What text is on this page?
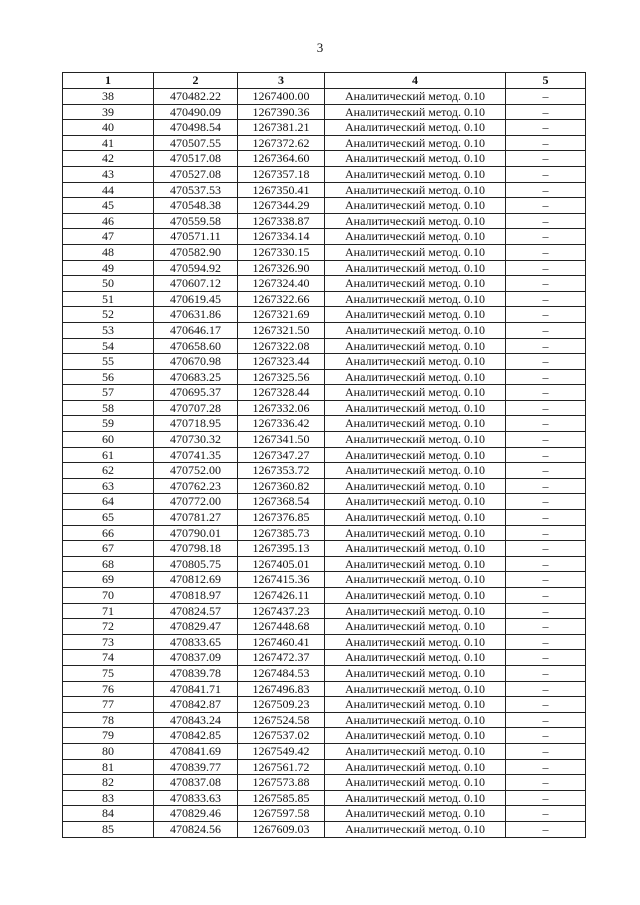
3
1	2	3	4	5
38	470482.22	1267400.00	Аналитический метод. 0.10	–
39	470490.09	1267390.36	Аналитический метод. 0.10	–
40	470498.54	1267381.21	Аналитический метод. 0.10	–
41	470507.55	1267372.62	Аналитический метод. 0.10	–
42	470517.08	1267364.60	Аналитический метод. 0.10	–
43	470527.08	1267357.18	Аналитический метод. 0.10	–
44	470537.53	1267350.41	Аналитический метод. 0.10	–
45	470548.38	1267344.29	Аналитический метод. 0.10	–
46	470559.58	1267338.87	Аналитический метод. 0.10	–
47	470571.11	1267334.14	Аналитический метод. 0.10	–
48	470582.90	1267330.15	Аналитический метод. 0.10	–
49	470594.92	1267326.90	Аналитический метод. 0.10	–
50	470607.12	1267324.40	Аналитический метод. 0.10	–
51	470619.45	1267322.66	Аналитический метод. 0.10	–
52	470631.86	1267321.69	Аналитический метод. 0.10	–
53	470646.17	1267321.50	Аналитический метод. 0.10	–
54	470658.60	1267322.08	Аналитический метод. 0.10	–
55	470670.98	1267323.44	Аналитический метод. 0.10	–
56	470683.25	1267325.56	Аналитический метод. 0.10	–
57	470695.37	1267328.44	Аналитический метод. 0.10	–
58	470707.28	1267332.06	Аналитический метод. 0.10	–
59	470718.95	1267336.42	Аналитический метод. 0.10	–
60	470730.32	1267341.50	Аналитический метод. 0.10	–
61	470741.35	1267347.27	Аналитический метод. 0.10	–
62	470752.00	1267353.72	Аналитический метод. 0.10	–
63	470762.23	1267360.82	Аналитический метод. 0.10	–
64	470772.00	1267368.54	Аналитический метод. 0.10	–
65	470781.27	1267376.85	Аналитический метод. 0.10	–
66	470790.01	1267385.73	Аналитический метод. 0.10	–
67	470798.18	1267395.13	Аналитический метод. 0.10	–
68	470805.75	1267405.01	Аналитический метод. 0.10	–
69	470812.69	1267415.36	Аналитический метод. 0.10	–
70	470818.97	1267426.11	Аналитический метод. 0.10	–
71	470824.57	1267437.23	Аналитический метод. 0.10	–
72	470829.47	1267448.68	Аналитический метод. 0.10	–
73	470833.65	1267460.41	Аналитический метод. 0.10	–
74	470837.09	1267472.37	Аналитический метод. 0.10	–
75	470839.78	1267484.53	Аналитический метод. 0.10	–
76	470841.71	1267496.83	Аналитический метод. 0.10	–
77	470842.87	1267509.23	Аналитический метод. 0.10	–
78	470843.24	1267524.58	Аналитический метод. 0.10	–
79	470842.85	1267537.02	Аналитический метод. 0.10	–
80	470841.69	1267549.42	Аналитический метод. 0.10	–
81	470839.77	1267561.72	Аналитический метод. 0.10	–
82	470837.08	1267573.88	Аналитический метод. 0.10	–
83	470833.63	1267585.85	Аналитический метод. 0.10	–
84	470829.46	1267597.58	Аналитический метод. 0.10	–
85	470824.56	1267609.03	Аналитический метод. 0.10	–
